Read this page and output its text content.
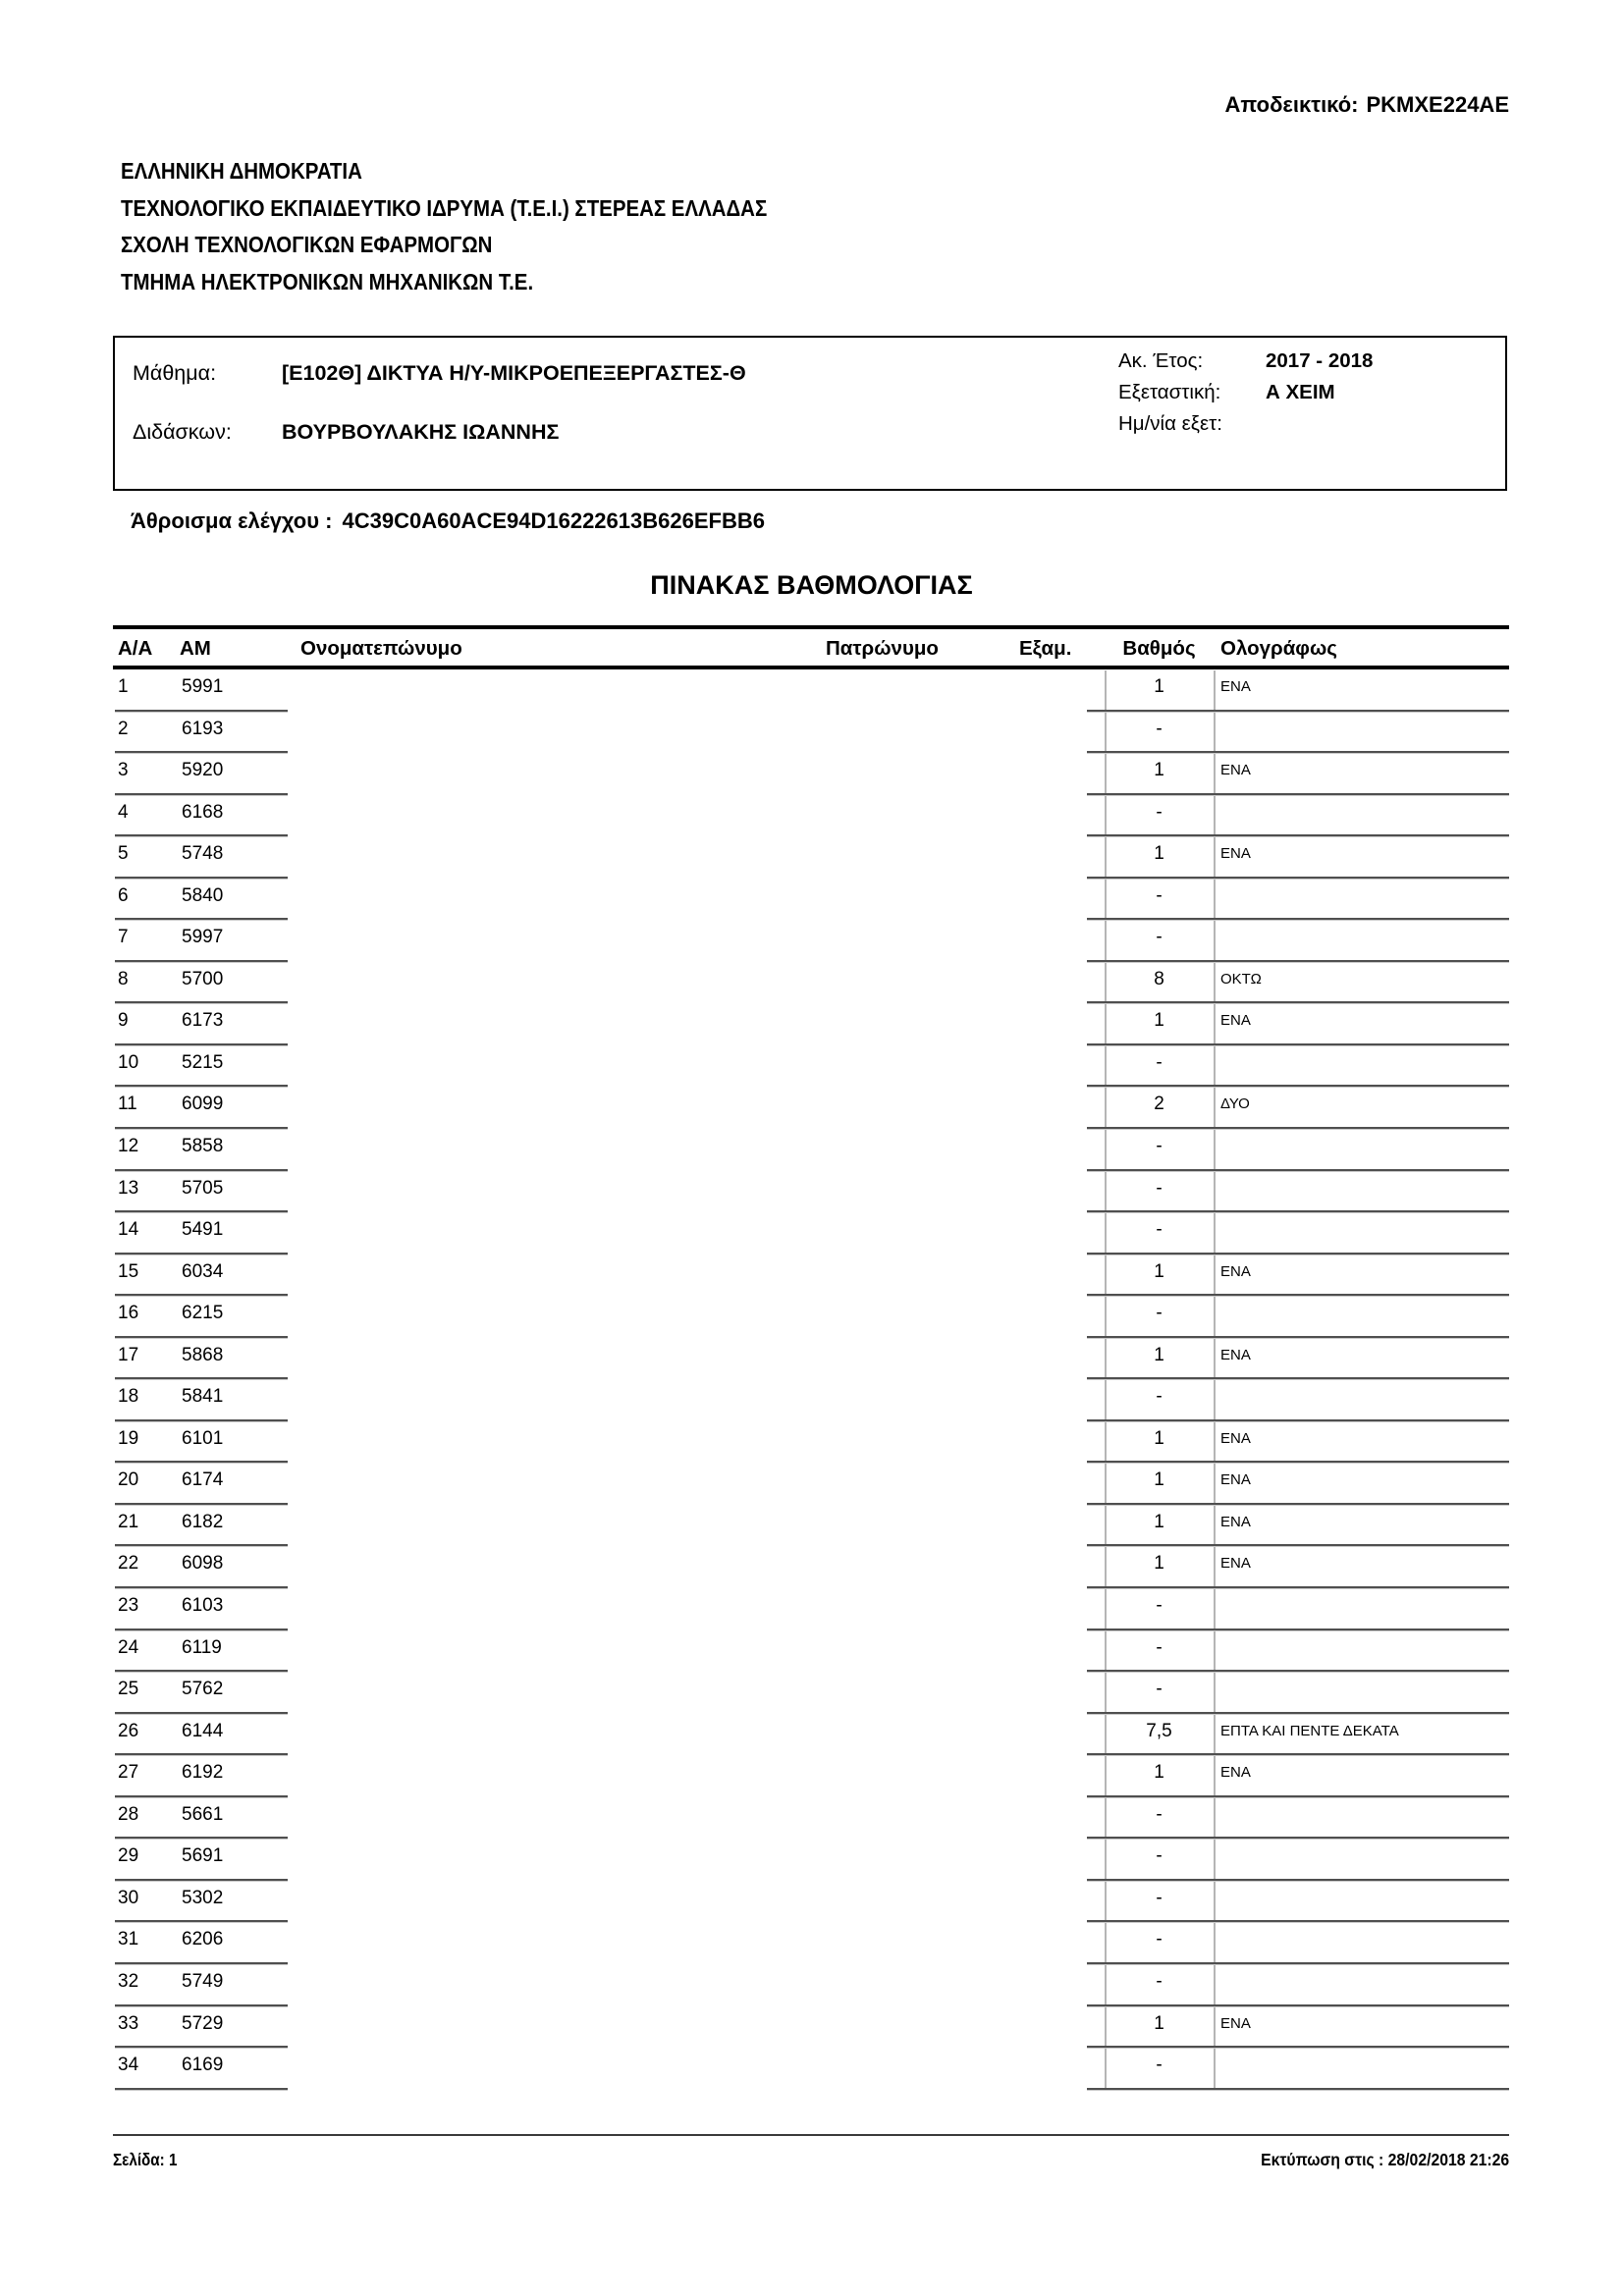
Αποδεικτικό: PKMXE224AE
ΕΛΛΗΝΙΚΗ ΔΗΜΟΚΡΑΤΙΑ
ΤΕΧΝΟΛΟΓΙΚΟ ΕΚΠΑΙΔΕΥΤΙΚΟ ΙΔΡΥΜΑ (Τ.Ε.Ι.) ΣΤΕΡΕΑΣ ΕΛΛΑΔΑΣ
ΣΧΟΛΗ ΤΕΧΝΟΛΟΓΙΚΩΝ ΕΦΑΡΜΟΓΩΝ
ΤΜΗΜΑ ΗΛΕΚΤΡΟΝΙΚΩΝ ΜΗΧΑΝΙΚΩΝ Τ.Ε.
Μάθημα:	[Ε102Θ] ΔΙΚΤΥΑ Η/Υ-ΜΙΚΡΟΕΠΕΞΕΡΓΑΣΤΕΣ-Θ
Διδάσκων: ΒΟΥΡΒΟΥΛΑΚΗΣ ΙΩΑΝΝΗΣ
Ακ. Έτος:	2017 - 2018
Εξεταστική: Α ΧΕΙΜ
Ημ/νία εξετ:
Άθροισμα ελέγχου : 4C39C0A60ACE94D16222613B626EFBB6
ΠΙΝΑΚΑΣ ΒΑΘΜΟΛΟΓΙΑΣ
Α/Α ΑΜ	Ονοματεπώνυμο	Πατρώνυμο	Εξαμ.	Βαθμός	Ολογράφως
1	5991	1	ΕΝΑ
2	6193	-
3	5920	1	ΕΝΑ
4	6168	-
5	5748	1	ΕΝΑ
6	5840	-
7	5997	-
8	5700	8	ΟΚΤΩ
9	6173	1	ΕΝΑ
10 5215	-
11 6099	2	ΔΥΟ
12 5858	-
13 5705	-
14 5491	-
15 6034	1	ΕΝΑ
16 6215	-
17 5868	1	ΕΝΑ
18 5841	-
19 6101	1	ΕΝΑ
20 6174	1	ΕΝΑ
21 6182	1	ΕΝΑ
22 6098	1	ΕΝΑ
23 6103	-
24 6119	-
25 5762	-
26 6144	7,5	ΕΠΤΑ ΚΑΙ ΠΕΝΤΕ ΔΕΚΑΤΑ
27 6192	1	ΕΝΑ
28 5661	-
29 5691	-
30 5302	-
31 6206	-
32 5749	-
33 5729	1	ΕΝΑ
34 6169	-
Σελίδα: 1	Εκτύπωση στις : 28/02/2018 21:26
